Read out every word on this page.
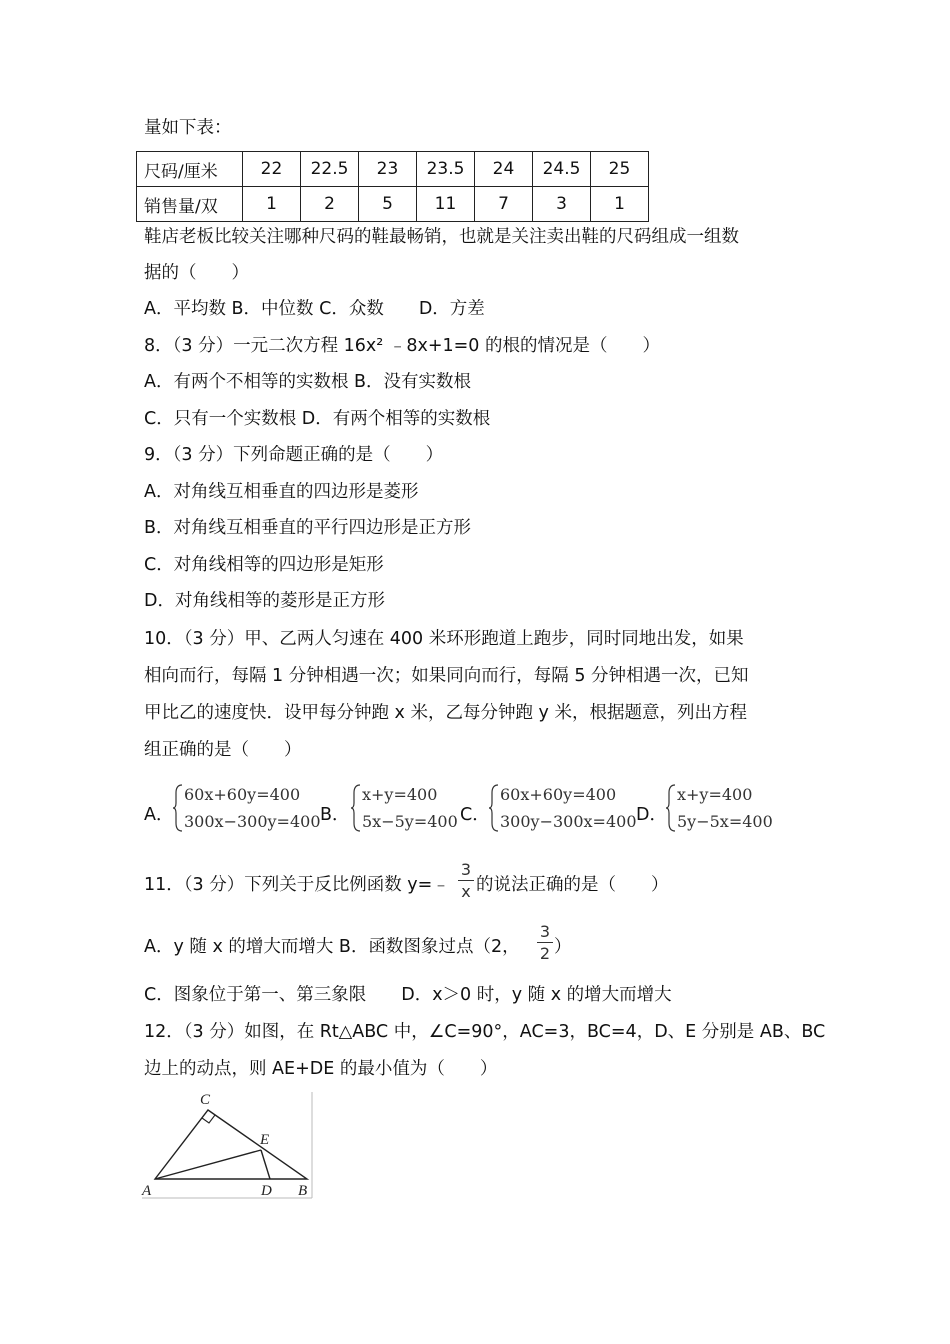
量如下表：
尺码/厘米	22	22.5	23	23.5	24	24.5	25
销售量/双	1	2	5	11	7	3	1
鞋店老板比较关注哪种尺码的鞋最畅销，也就是关注卖出鞋的尺码组成一组数
据的（　　）
A．平均数 B．中位数 C．众数　　D．方差
8．（3 分）一元二次方程 16x² ﹣8x+1=0 的根的情况是（　　）
A．有两个不相等的实数根 B．没有实数根
C．只有一个实数根 D．有两个相等的实数根
9．（3 分）下列命题正确的是（　　）
A．对角线互相垂直的四边形是菱形
B．对角线互相垂直的平行四边形是正方形
C．对角线相等的四边形是矩形
D．对角线相等的菱形是正方形
10．（3 分）甲、乙两人匀速在 400 米环形跑道上跑步，同时同地出发，如果
相向而行，每隔 1 分钟相遇一次；如果同向而行，每隔 5 分钟相遇一次，已知
甲比乙的速度快．设甲每分钟跑 x 米，乙每分钟跑 y 米，根据题意，列出方程
组正确的是（　　）
A．	B．	C．	D．
60x+60y=400
300x−300y=400
x+y=400
5x−5y=400
60x+60y=400
300y−300x=400
x+y=400
5y−5x=400
11．（3 分）下列关于反比例函数 y=﹣
3
x 的说法正确的是（　　）
A．y 随 x 的增大而增大 B．函数图象过点（2，
3
2 ）
C．图象位于第一、第三象限　　D．x＞0 时，y 随 x 的增大而增大
12．（3 分）如图，在 Rt△ABC 中，∠C=90°，AC=3，BC=4，D、E 分别是 AB、BC
边上的动点，则 AE+DE 的最小值为（　　）
C
E
A	D B
